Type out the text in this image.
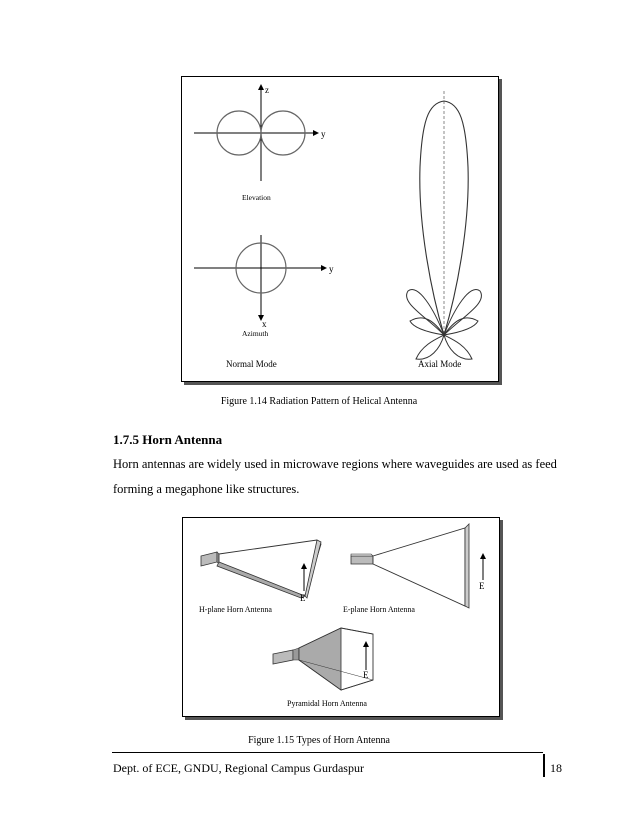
z
y
Elevation
y
x
Azimuth
Normal Mode	Axial Mode
Figure 1.14 Radiation Pattern of Helical Antenna
1.7.5 Horn Antenna
Horn antennas are widely used in microwave regions where waveguides are used as feed forming a megaphone like structures.
E
H-plane Horn Antenna
E
E-plane Horn Antenna
E
Pyramidal Horn Antenna
Figure 1.15 Types of Horn Antenna
Dept. of ECE, GNDU, Regional Campus Gurdaspur	18
